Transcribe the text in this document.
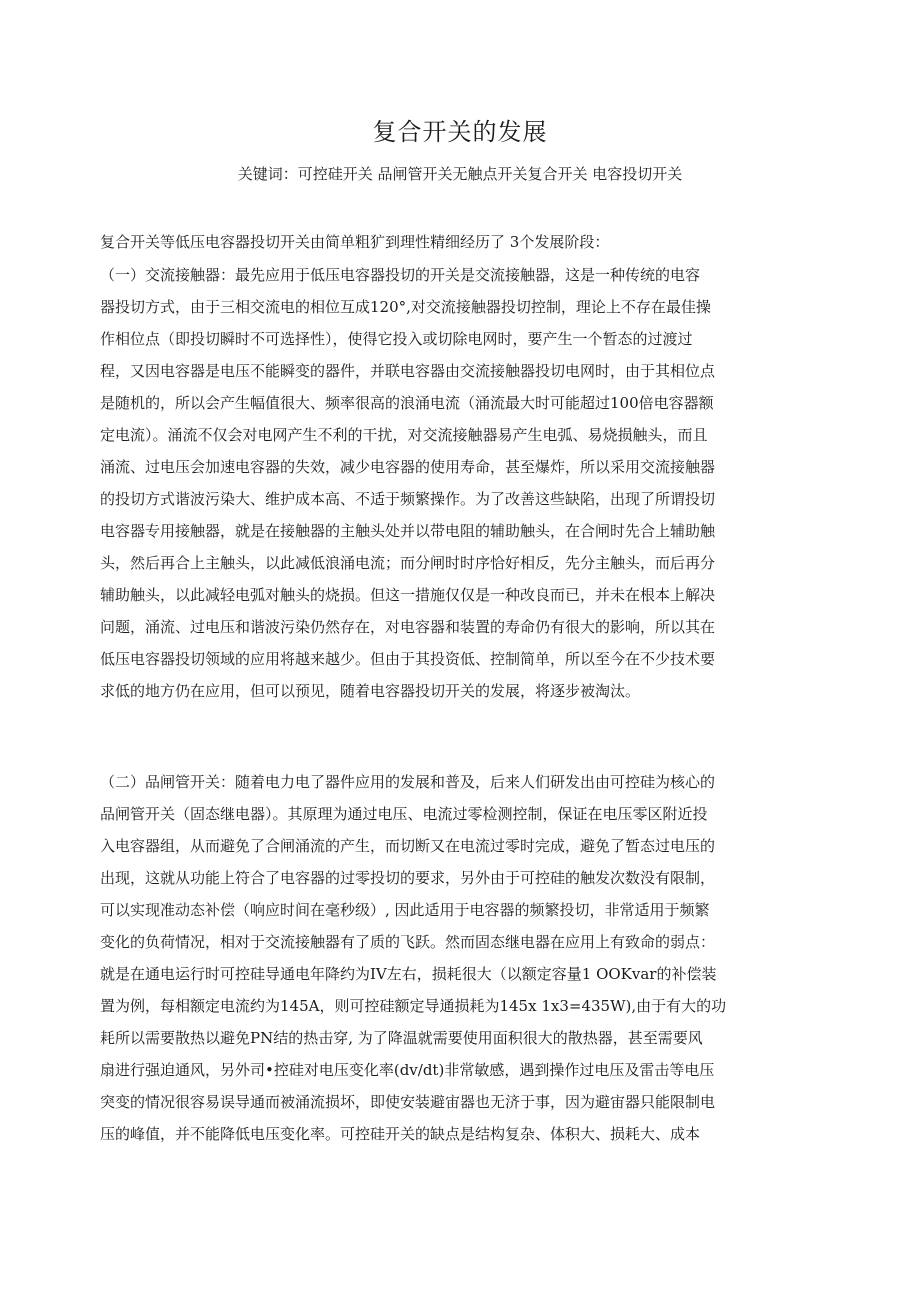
复合开关的发展
关键词：可控硅开关 品闸管开关无触点开关复合开关 电容投切开关
复合开关等低压电容器投切开关由简单粗犷到理性精细经历了 3个发展阶段：
（一）交流接触器：最先应用于低压电容器投切的开关是交流接触器，这是一种传统的电容
器投切方式，由于三相交流电的相位互成120°,对交流接触器投切控制，理论上不存在最佳操
作相位点（即投切瞬时不可选择性），使得它投入或切除电网时，要产生一个暂态的过渡过
程，又因电容器是电压不能瞬变的器件，并联电容器由交流接触器投切电网时，由于其相位点
是随机的，所以会产生幅值很大、频率很高的浪涌电流（涌流最大时可能超过100倍电容器额
定电流）。涌流不仅会对电网产生不利的干扰，对交流接触器易产生电弧、易烧损触头，而且
涌流、过电压会加速电容器的失效，减少电容器的使用寿命，甚至爆炸，所以采用交流接触器
的投切方式谐波污染大、维护成本高、不适于频繁操作。为了改善这些缺陷，出现了所谓投切
电容器专用接触器，就是在接触器的主触头处并以带电阻的辅助触头，在合闸时先合上辅助触
头，然后再合上主触头，以此减低浪涌电流；而分闸时时序恰好相反，先分主触头，而后再分
辅助触头，以此减轻电弧对触头的烧损。但这一措施仅仅是一种改良而已，并未在根本上解决
问题，涌流、过电压和谐波污染仍然存在，对电容器和装置的寿命仍有很大的影响，所以其在
低压电容器投切领域的应用将越来越少。但由于其投资低、控制简单，所以至今在不少技术要
求低的地方仍在应用，但可以预见，随着电容器投切开关的发展，将逐步被淘汰。
（二）品闸管开关：随着电力电了器件应用的发展和普及，后来人们研发出由可控硅为核心的
品闸管开关（固态继电器）。其原理为通过电压、电流过零检测控制，保证在电压零区附近投
入电容器组，从而避免了合闸涌流的产生，而切断又在电流过零时完成，避免了暂态过电压的
出现，这就从功能上符合了电容器的过零投切的要求，另外由于可控硅的触发次数没有限制，
可以实现准动态补偿（响应时间在毫秒级）, 因此适用于电容器的频繁投切，非常适用于频繁
变化的负荷情况，相对于交流接触器有了质的飞跃。然而固态继电器在应用上有致命的弱点：
就是在通电运行时可控硅导通电年降约为IV左右，损耗很大（以额定容量1 OOKvar的补偿装
置为例，每相额定电流约为145A，则可控硅额定导通损耗为145x 1x3=435W),由于有大的功
耗所以需要散热以避免PN结的热击穿, 为了降温就需要使用面积很大的散热器，甚至需要风
扇进行强迫通风，另外司•控硅对电压变化率(dv/dt)非常敏感，遇到操作过电压及雷击等电压
突变的情况很容易误导通而被涌流损坏，即使安装避宙器也无济于事，因为避宙器只能限制电
压的峰值，并不能降低电压变化率。可控硅开关的缺点是结构复杂、体积大、损耗大、成本
